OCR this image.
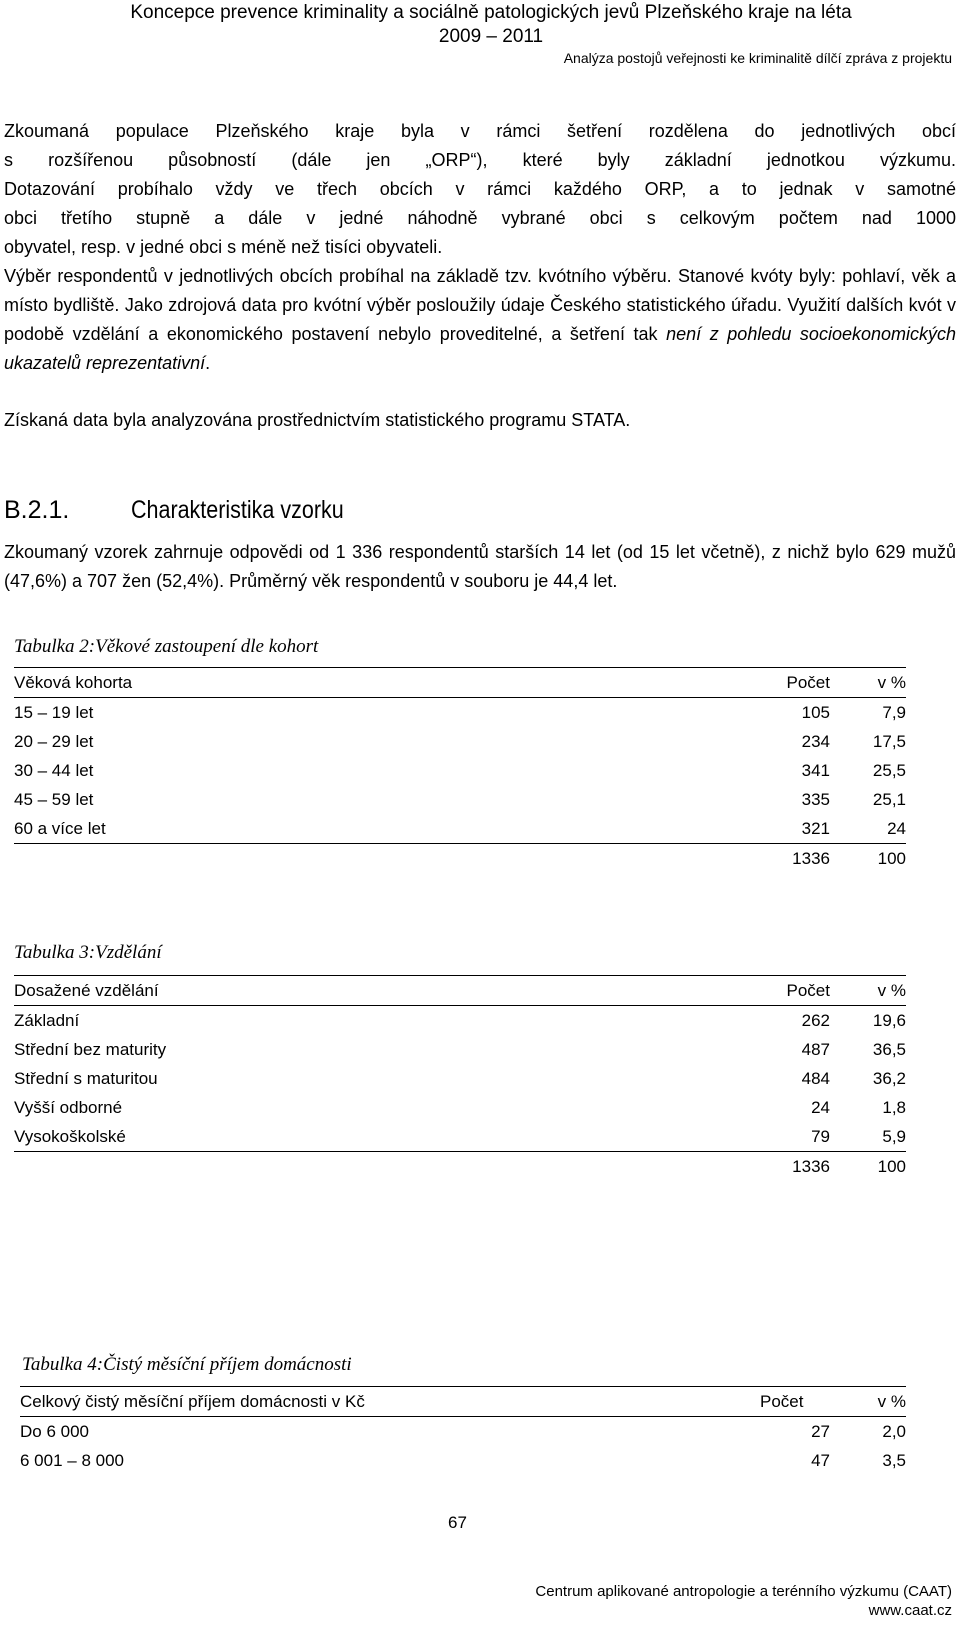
Koncepce prevence kriminality a sociálně patologických jevů Plzeňského kraje na léta
2009 – 2011
Analýza postojů veřejnosti ke kriminalitě dílčí zpráva z projektu
Zkoumaná populace Plzeňského kraje byla v rámci šetření rozdělena do jednotlivých obcí
s rozšířenou působností (dále jen „ORP“), které byly základní jednotkou výzkumu.
Dotazování probíhalo vždy ve třech obcích v rámci každého ORP, a to jednak v samotné
obci třetího stupně a dále v jedné náhodně vybrané obci s celkovým počtem nad 1000
obyvatel, resp. v jedné obci s méně než tisíci obyvateli.
Výběr respondentů v jednotlivých obcích probíhal na základě tzv. kvótního výběru. Stanové kvóty byly: pohlaví, věk a místo bydliště. Jako zdrojová data pro kvótní výběr posloužily údaje Českého statistického úřadu. Využití dalších kvót v podobě vzdělání a ekonomického postavení nebylo proveditelné, a šetření tak není z pohledu socioekonomických ukazatelů reprezentativní.
Získaná data byla analyzována prostřednictvím statistického programu STATA.
B.2.1. Charakteristika vzorku
Zkoumaný vzorek zahrnuje odpovědi od 1 336 respondentů starších 14 let (od 15 let včetně), z nichž bylo 629 mužů (47,6%) a 707 žen (52,4%). Průměrný věk respondentů v souboru je 44,4 let.
Tabulka 2:Věkové zastoupení dle kohort
Věková kohorta	Počet	v %
15 – 19 let	105	7,9
20 – 29 let	234	17,5
30 – 44 let	341	25,5
45 – 59 let	335	25,1
60 a více let	321	24
	1336	100
Tabulka 3:Vzdělání
Dosažené vzdělání	Počet	v %
Základní	262	19,6
Střední bez maturity	487	36,5
Střední s maturitou	484	36,2
Vyšší odborné	24	1,8
Vysokoškolské	79	5,9
	1336	100
Tabulka 4:Čistý měsíční příjem domácnosti
Celkový čistý měsíční příjem domácnosti v Kč	Počet	v %
Do 6 000	27	2,0
6 001 – 8 000	47	3,5
67
Centrum aplikované antropologie a terénního výzkumu (CAAT)
www.caat.cz
